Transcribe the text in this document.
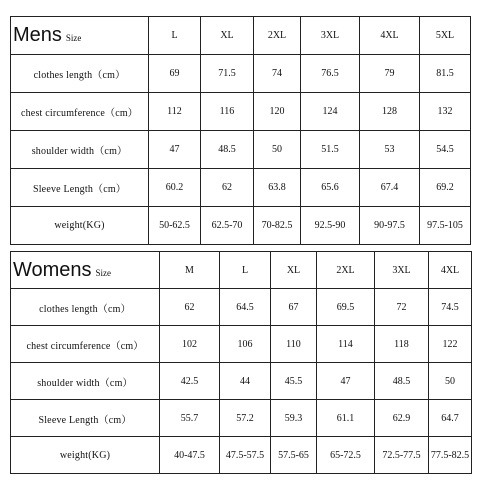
Mens Size	L	XL	2XL	3XL	4XL	5XL
clothes length（cm）	69	71.5	74	76.5	79	81.5
chest circumference（cm）	112	116	120	124	128	132
shoulder width（cm）	47	48.5	50	51.5	53	54.5
Sleeve Length（cm）	60.2	62	63.8	65.6	67.4	69.2
weight(KG)	50-62.5	62.5-70	70-82.5	92.5-90	90-97.5	97.5-105
Womens Size	M	L	XL	2XL	3XL	4XL
clothes length（cm）	62	64.5	67	69.5	72	74.5
chest circumference（cm）	102	106	110	114	118	122
shoulder width（cm）	42.5	44	45.5	47	48.5	50
Sleeve Length（cm）	55.7	57.2	59.3	61.1	62.9	64.7
weight(KG)	40-47.5	47.5-57.5	57.5-65	65-72.5	72.5-77.5	77.5-82.5
